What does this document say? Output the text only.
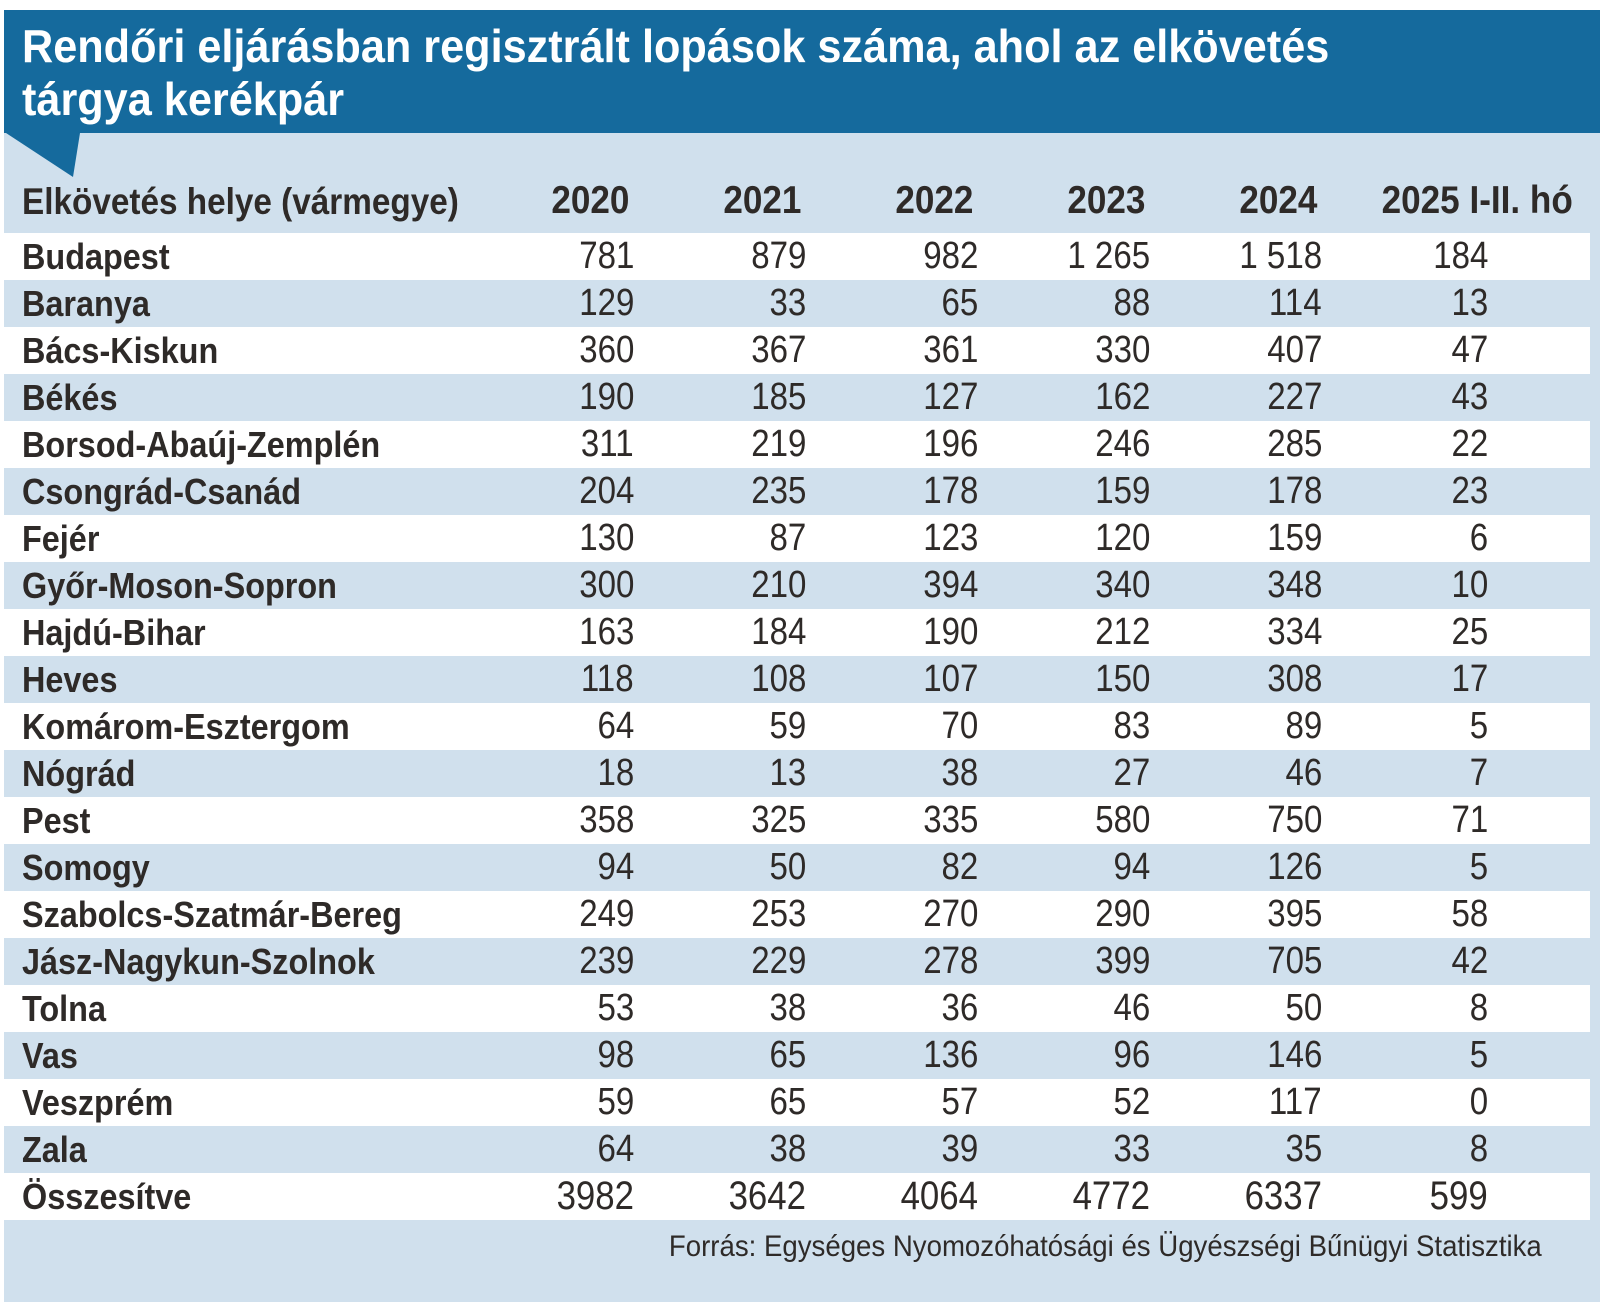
Rendőri eljárásban regisztrált lopások száma, ahol az elkövetés
tárgya kerékpár
Elkövetés helye (vármegye)	2020	2021	2022	2023	2024	2025 I-II. hó
Budapest	781	879	982	1 265	1 518	184
Baranya	129	33	65	88	114	13
Bács-Kiskun	360	367	361	330	407	47
Békés	190	185	127	162	227	43
Borsod-Abaúj-Zemplén	311	219	196	246	285	22
Csongrád-Csanád	204	235	178	159	178	23
Fejér	130	87	123	120	159	6
Győr-Moson-Sopron	300	210	394	340	348	10
Hajdú-Bihar	163	184	190	212	334	25
Heves	118	108	107	150	308	17
Komárom-Esztergom	64	59	70	83	89	5
Nógrád	18	13	38	27	46	7
Pest	358	325	335	580	750	71
Somogy	94	50	82	94	126	5
Szabolcs-Szatmár-Bereg	249	253	270	290	395	58
Jász-Nagykun-Szolnok	239	229	278	399	705	42
Tolna	53	38	36	46	50	8
Vas	98	65	136	96	146	5
Veszprém	59	65	57	52	117	0
Zala	64	38	39	33	35	8
Összesítve	3982	3642	4064	4772	6337	599
Forrás: Egységes Nyomozóhatósági és Ügyészségi Bűnügyi Statisztika
